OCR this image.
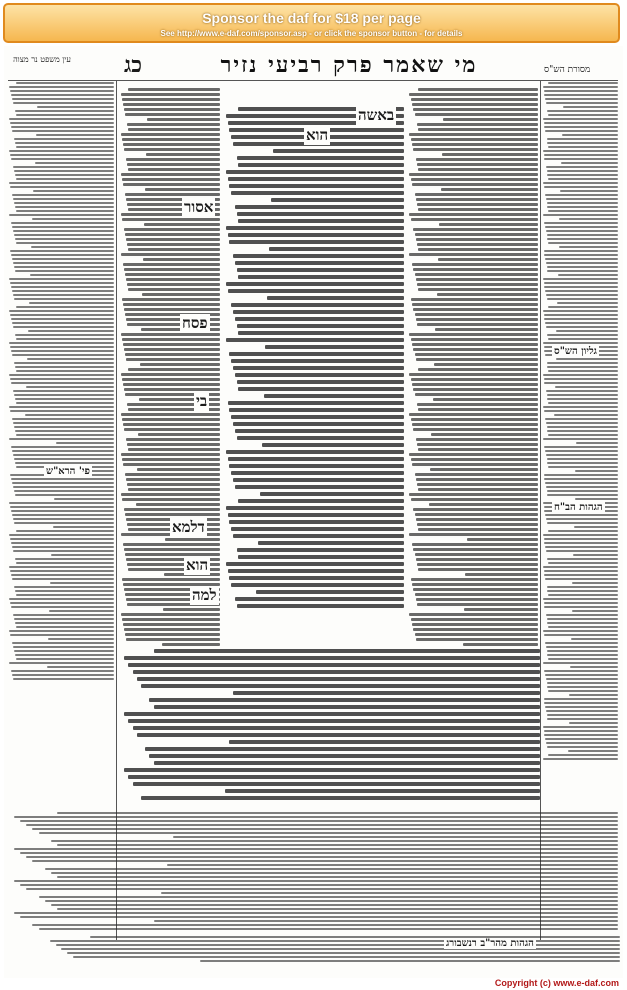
Sponsor the daf for $18 per page
See http://www.e-daf.com/sponsor.asp - or click the sponsor button - for details
עין משפט נר מצוה כג	מי שאמר פרק רביעי נזיר	מסורת הש"ס
באשה
הוא
אסור
פסח
בי
דלמא
למה
הוא
גליון הש"ס
הגהות הב"ח
פי' הרא"ש
הגהות מהר"ב רנשבורג
Copyright (c) www.e-daf.com
